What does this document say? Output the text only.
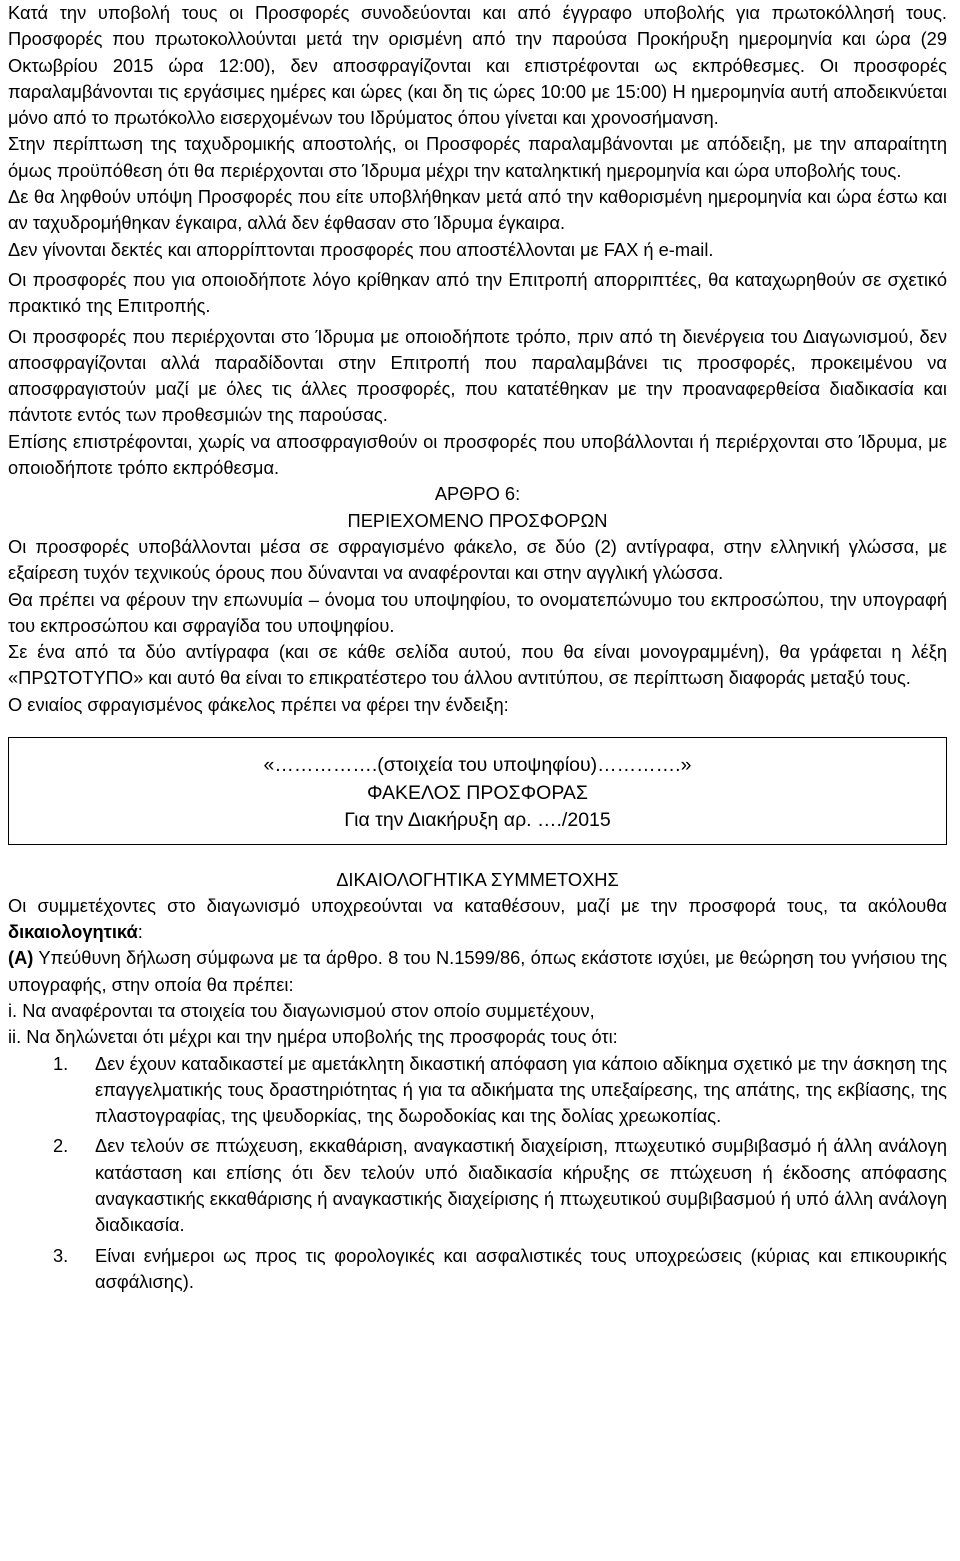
Κατά την υποβολή τους οι Προσφορές συνοδεύονται και από έγγραφο υποβολής για πρωτοκόλλησή τους. Προσφορές που πρωτοκολλούνται μετά την ορισμένη από την παρούσα Προκήρυξη ημερομηνία και ώρα (29 Οκτωβρίου 2015 ώρα 12:00), δεν αποσφραγίζονται και επιστρέφονται ως εκπρόθεσμες. Οι προσφορές παραλαμβάνονται τις εργάσιμες ημέρες και ώρες (και δη τις ώρες 10:00 με 15:00) Η ημερομηνία αυτή αποδεικνύεται μόνο από το πρωτόκολλο εισερχομένων του Ιδρύματος όπου γίνεται και χρονοσήμανση.

Στην περίπτωση της ταχυδρομικής αποστολής, οι Προσφορές παραλαμβάνονται με απόδειξη, με την απαραίτητη όμως προϋπόθεση ότι θα περιέρχονται στο Ίδρυμα μέχρι την καταληκτική ημερομηνία και ώρα υποβολής τους.

Δε θα ληφθούν υπόψη Προσφορές που είτε υποβλήθηκαν μετά από την καθορισμένη ημερομηνία και ώρα έστω και αν ταχυδρομήθηκαν έγκαιρα, αλλά δεν έφθασαν στο Ίδρυμα έγκαιρα.

Δεν γίνονται δεκτές και απορρίπτονται προσφορές που αποστέλλονται με FAX ή e-mail.

Οι προσφορές που για οποιοδήποτε λόγο κρίθηκαν από την Επιτροπή απορριπτέες, θα καταχωρηθούν σε σχετικό πρακτικό της Επιτροπής.

Οι προσφορές που περιέρχονται στο Ίδρυμα με οποιοδήποτε τρόπο, πριν από τη διενέργεια του Διαγωνισμού, δεν αποσφραγίζονται αλλά παραδίδονται στην Επιτροπή που παραλαμβάνει τις προσφορές, προκειμένου να αποσφραγιστούν μαζί με όλες τις άλλες προσφορές, που κατατέθηκαν με την προαναφερθείσα διαδικασία και πάντοτε εντός των προθεσμιών της παρούσας.

Επίσης επιστρέφονται, χωρίς να αποσφραγισθούν οι προσφορές που υποβάλλονται ή περιέρχονται στο Ίδρυμα, με οποιοδήποτε τρόπο εκπρόθεσμα.

ΑΡΘΡΟ 6:

ΠΕΡΙΕΧΟΜΕΝΟ ΠΡΟΣΦΟΡΩΝ

Οι προσφορές υποβάλλονται μέσα σε σφραγισμένο φάκελο, σε δύο (2) αντίγραφα, στην ελληνική γλώσσα, με εξαίρεση τυχόν τεχνικούς όρους που δύνανται να αναφέρονται και στην αγγλική γλώσσα.

Θα πρέπει να φέρουν την επωνυμία – όνομα του υποψηφίου, το ονοματεπώνυμο του εκπροσώπου, την υπογραφή του εκπροσώπου και σφραγίδα του υποψηφίου.

Σε ένα από τα δύο αντίγραφα (και σε κάθε σελίδα αυτού, που θα είναι μονογραμμένη), θα γράφεται η λέξη «ΠΡΩΤΟΤΥΠΟ» και αυτό θα είναι το επικρατέστερο του άλλου αντιτύπου, σε περίπτωση διαφοράς μεταξύ τους.

Ο ενιαίος σφραγισμένος φάκελος πρέπει να φέρει την ένδειξη:

«…………….(στοιχεία του υποψηφίου)………….»
ΦΑΚΕΛΟΣ ΠΡΟΣΦΟΡΑΣ
Για την Διακήρυξη αρ. …./2015

ΔΙΚΑΙΟΛΟΓΗΤΙΚΑ ΣΥΜΜΕΤΟΧΗΣ

Οι συμμετέχοντες στο διαγωνισμό υποχρεούνται να καταθέσουν, μαζί με την προσφορά τους, τα ακόλουθα δικαιολογητικά:

(Α) Υπεύθυνη δήλωση σύμφωνα με τα άρθρο. 8 του Ν.1599/86, όπως εκάστοτε ισχύει, με θεώρηση του γνήσιου της υπογραφής, στην οποία θα πρέπει:

i. Να αναφέρονται τα στοιχεία του διαγωνισμού στον οποίο συμμετέχουν,

ii. Να δηλώνεται ότι μέχρι και την ημέρα υποβολής της προσφοράς τους ότι:

1. Δεν έχουν καταδικαστεί με αμετάκλητη δικαστική απόφαση για κάποιο αδίκημα σχετικό με την άσκηση της επαγγελματικής τους δραστηριότητας ή για τα αδικήματα της υπεξαίρεσης, της απάτης, της εκβίασης, της πλαστογραφίας, της ψευδορκίας, της δωροδοκίας και της δολίας χρεωκοπίας.
2. Δεν τελούν σε πτώχευση, εκκαθάριση, αναγκαστική διαχείριση, πτωχευτικό συμβιβασμό ή άλλη ανάλογη κατάσταση και επίσης ότι δεν τελούν υπό διαδικασία κήρυξης σε πτώχευση ή έκδοσης απόφασης αναγκαστικής εκκαθάρισης ή αναγκαστικής διαχείρισης ή πτωχευτικού συμβιβασμού ή υπό άλλη ανάλογη διαδικασία.
3. Είναι ενήμεροι ως προς τις φορολογικές και ασφαλιστικές τους υποχρεώσεις (κύριας και επικουρικής ασφάλισης).
